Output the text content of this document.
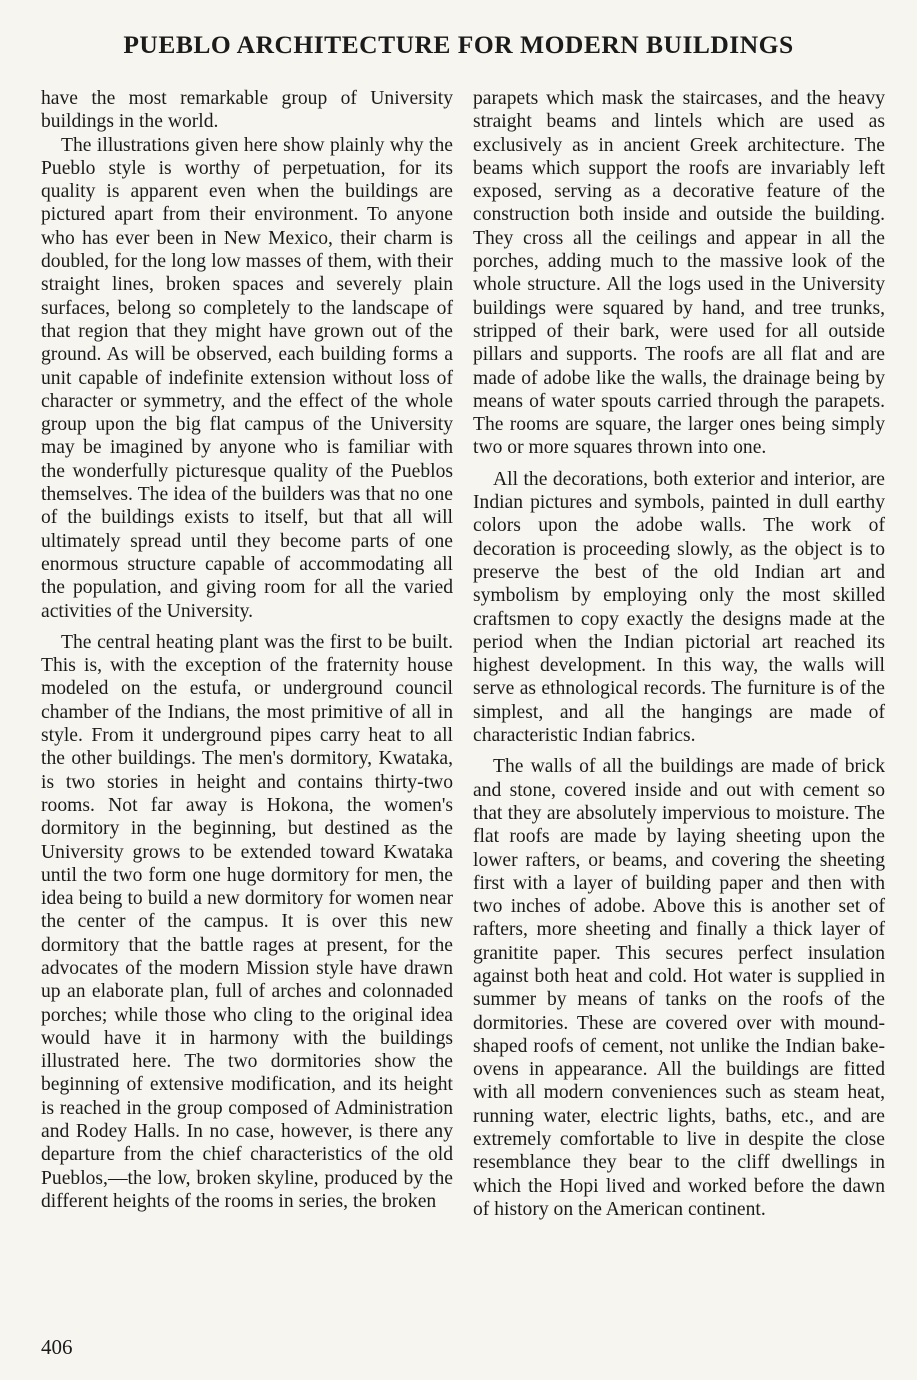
PUEBLO ARCHITECTURE FOR MODERN BUILDINGS

have the most remarkable group of University buildings in the world.

The illustrations given here show plainly why the Pueblo style is worthy of perpetuation, for its quality is apparent even when the buildings are pictured apart from their environment. To anyone who has ever been in New Mexico, their charm is doubled, for the long low masses of them, with their straight lines, broken spaces and severely plain surfaces, belong so completely to the landscape of that region that they might have grown out of the ground. As will be observed, each building forms a unit capable of indefinite extension without loss of character or symmetry, and the effect of the whole group upon the big flat campus of the University may be imagined by anyone who is familiar with the wonderfully picturesque quality of the Pueblos themselves. The idea of the builders was that no one of the buildings exists to itself, but that all will ultimately spread until they become parts of one enormous structure capable of accommodating all the population, and giving room for all the varied activities of the University.

The central heating plant was the first to be built. This is, with the exception of the fraternity house modeled on the estufa, or underground council chamber of the Indians, the most primitive of all in style. From it underground pipes carry heat to all the other buildings. The men's dormitory, Kwataka, is two stories in height and contains thirty-two rooms. Not far away is Hokona, the women's dormitory in the beginning, but destined as the University grows to be extended toward Kwataka until the two form one huge dormitory for men, the idea being to build a new dormitory for women near the center of the campus. It is over this new dormitory that the battle rages at present, for the advocates of the modern Mission style have drawn up an elaborate plan, full of arches and colonnaded porches; while those who cling to the original idea would have it in harmony with the buildings illustrated here. The two dormitories show the beginning of extensive modification, and its height is reached in the group composed of Administration and Rodey Halls. In no case, however, is there any departure from the chief characteristics of the old Pueblos,—the low, broken skyline, produced by the different heights of the rooms in series, the broken

parapets which mask the staircases, and the heavy straight beams and lintels which are used as exclusively as in ancient Greek architecture. The beams which support the roofs are invariably left exposed, serving as a decorative feature of the construction both inside and outside the building. They cross all the ceilings and appear in all the porches, adding much to the massive look of the whole structure. All the logs used in the University buildings were squared by hand, and tree trunks, stripped of their bark, were used for all outside pillars and supports. The roofs are all flat and are made of adobe like the walls, the drainage being by means of water spouts carried through the parapets. The rooms are square, the larger ones being simply two or more squares thrown into one.

All the decorations, both exterior and interior, are Indian pictures and symbols, painted in dull earthy colors upon the adobe walls. The work of decoration is proceeding slowly, as the object is to preserve the best of the old Indian art and symbolism by employing only the most skilled craftsmen to copy exactly the designs made at the period when the Indian pictorial art reached its highest development. In this way, the walls will serve as ethnological records. The furniture is of the simplest, and all the hangings are made of characteristic Indian fabrics.

The walls of all the buildings are made of brick and stone, covered inside and out with cement so that they are absolutely impervious to moisture. The flat roofs are made by laying sheeting upon the lower rafters, or beams, and covering the sheeting first with a layer of building paper and then with two inches of adobe. Above this is another set of rafters, more sheeting and finally a thick layer of granitite paper. This secures perfect insulation against both heat and cold. Hot water is supplied in summer by means of tanks on the roofs of the dormitories. These are covered over with mound-shaped roofs of cement, not unlike the Indian bake-ovens in appearance. All the buildings are fitted with all modern conveniences such as steam heat, running water, electric lights, baths, etc., and are extremely comfortable to live in despite the close resemblance they bear to the cliff dwellings in which the Hopi lived and worked before the dawn of history on the American continent.

406
